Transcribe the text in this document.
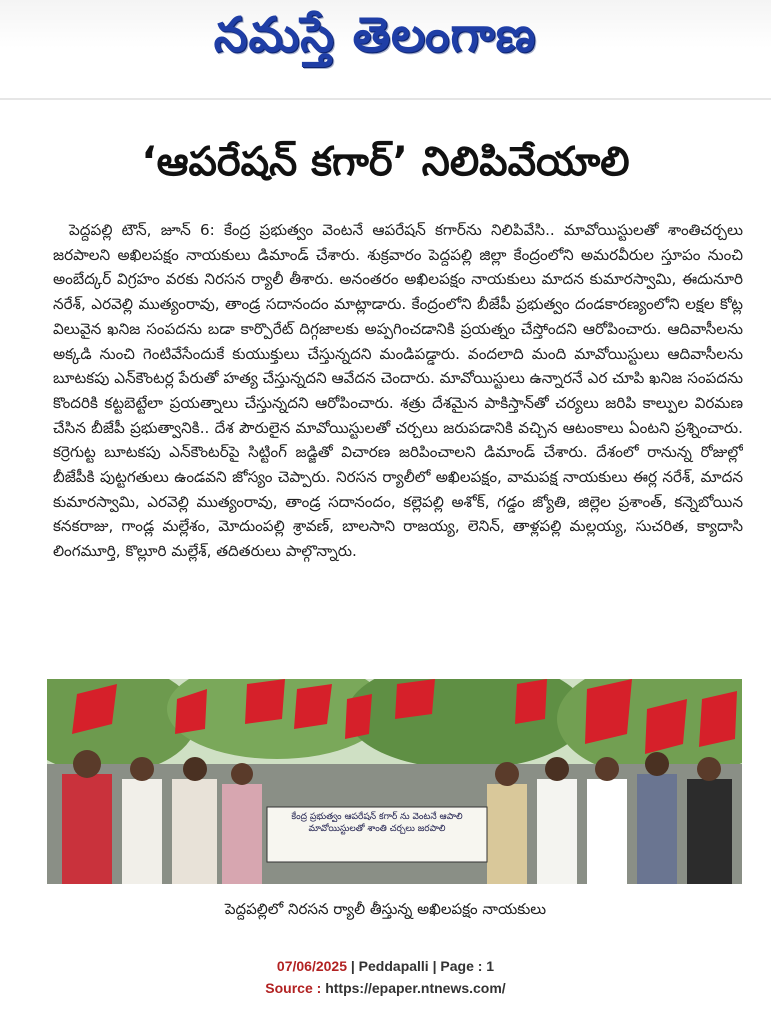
నమస్తే తెలంగాణ
‘ఆపరేషన్ కగార్’ నిలిపివేయాలి
పెద్దపల్లి టౌన్, జూన్ 6: కేంద్ర ప్రభుత్వం వెంటనే ఆపరేషన్ కగార్‌ను నిలిపివేసి.. మావోయిస్టులతో శాంతిచర్చలు జరపాలని అఖిలపక్షం నాయకులు డిమాండ్ చేశారు. శుక్రవారం పెద్దపల్లి జిల్లా కేంద్రంలోని అమరవీరుల స్తూపం నుంచి అంబేద్కర్ విగ్రహం వరకు నిరసన ర్యాలీ తీశారు. అనంతరం అఖిలపక్షం నాయకులు మాదన కుమారస్వామి, ఈదునూరి నరేశ్, ఎరవెల్లి ముత్యంరావు, తాండ్ర సదానందం మాట్లాడారు. కేంద్రంలోని బీజేపీ ప్రభుత్వం దండకారణ్యంలోని లక్షల కోట్ల విలువైన ఖనిజ సంపదను బడా కార్పొరేట్ దిగ్గజాలకు అప్పగించడానికి ప్రయత్నం చేస్తోందని ఆరోపించారు. ఆదివాసీలను అక్కడి నుంచి గెంటివేసేందుకే కుయుక్తులు చేస్తున్నదని మండిపడ్డారు. వందలాది మంది మావోయిస్టులు ఆదివాసీలను బూటకపు ఎన్‌కౌంటర్ల పేరుతో హత్య చేస్తున్నదని ఆవేదన చెందారు. మావోయిస్టులు ఉన్నారనే ఎర చూపి ఖనిజ సంపదను కొందరికి కట్టబెట్టేలా ప్రయత్నాలు చేస్తున్నదని ఆరోపించారు. శత్రు దేశమైన పాకిస్తాన్‌తో చర్యలు జరిపి కాల్పుల విరమణ చేసిన బీజేపీ ప్రభుత్వానికి.. దేశ పౌరులైన మావోయిస్టులతో చర్చలు జరుపడానికి వచ్చిన ఆటంకాలు ఏంటని ప్రశ్నించారు. కర్రెగుట్ట బూటకపు ఎన్‌కౌంటర్‌పై సిట్టింగ్ జడ్జితో విచారణ జరిపించాలని డిమాండ్ చేశారు. దేశంలో రానున్న రోజుల్లో బీజేపీకి పుట్టగతులు ఉండవని జోస్యం చెప్పారు. నిరసన ర్యాలీలో అఖిలపక్షం, వామపక్ష నాయకులు ఈర్ల నరేశ్, మాదన కుమారస్వామి, ఎరవెల్లి ముత్యంరావు, తాండ్ర సదానందం, కల్లెపల్లి అశోక్, గడ్డం జ్యోతి, జిల్లెల ప్రశాంత్, కన్నెబోయిన కనకరాజు, గాండ్ల మల్లేశం, మోదుంపల్లి శ్రావణ్, బాలసాని రాజయ్య, లెనిన్, తాళ్లపల్లి మల్లయ్య, సుచరిత, క్యాదాసి లింగమూర్తి, కొల్లూరి మల్లేశ్, తదితరులు పాల్గొన్నారు.
కేంద్ర ప్రభుత్వం ఆపరేషన్ కగార్ ను వెంటనే ఆపాలి మావోయిస్టులతో శాంతి చర్చలు జరపాలి
పెద్దపల్లిలో నిరసన ర్యాలీ తీస్తున్న అఖిలపక్షం నాయకులు
07/06/2025 | Peddapalli | Page : 1
Source : https://epaper.ntnews.com/
